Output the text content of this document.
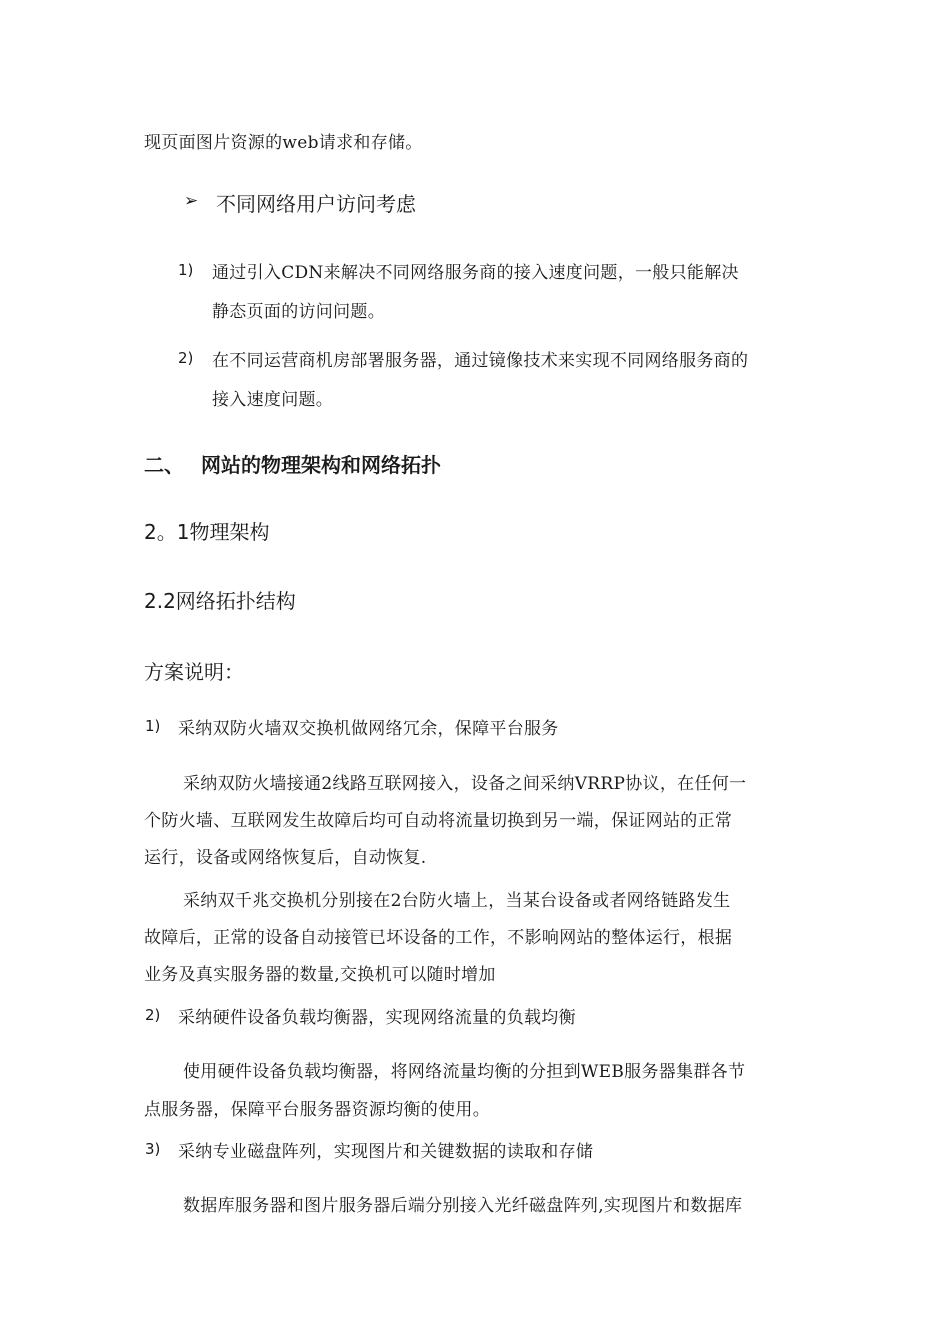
现页面图片资源的web请求和存储。

➢ 不同网络用户访问考虑

1) 通过引入CDN来解决不同网络服务商的接入速度问题，一般只能解决

静态页面的访问问题。

2) 在不同运营商机房部署服务器，通过镜像技术来实现不同网络服务商的

接入速度问题。

二、 网站的物理架构和网络拓扑

2。1物理架构

2.2网络拓扑结构

方案说明：

1) 采纳双防火墙双交换机做网络冗余，保障平台服务

采纳双防火墙接通2线路互联网接入，设备之间采纳VRRP协议，在任何一

个防火墙、互联网发生故障后均可自动将流量切换到另一端，保证网站的正常

运行，设备或网络恢复后，自动恢复.

采纳双千兆交换机分别接在2台防火墙上，当某台设备或者网络链路发生

故障后，正常的设备自动接管已坏设备的工作，不影响网站的整体运行，根据

业务及真实服务器的数量,交换机可以随时增加

2) 采纳硬件设备负载均衡器，实现网络流量的负载均衡

使用硬件设备负载均衡器，将网络流量均衡的分担到WEB服务器集群各节

点服务器，保障平台服务器资源均衡的使用。

3) 采纳专业磁盘阵列，实现图片和关键数据的读取和存储

数据库服务器和图片服务器后端分别接入光纤磁盘阵列,实现图片和数据库
